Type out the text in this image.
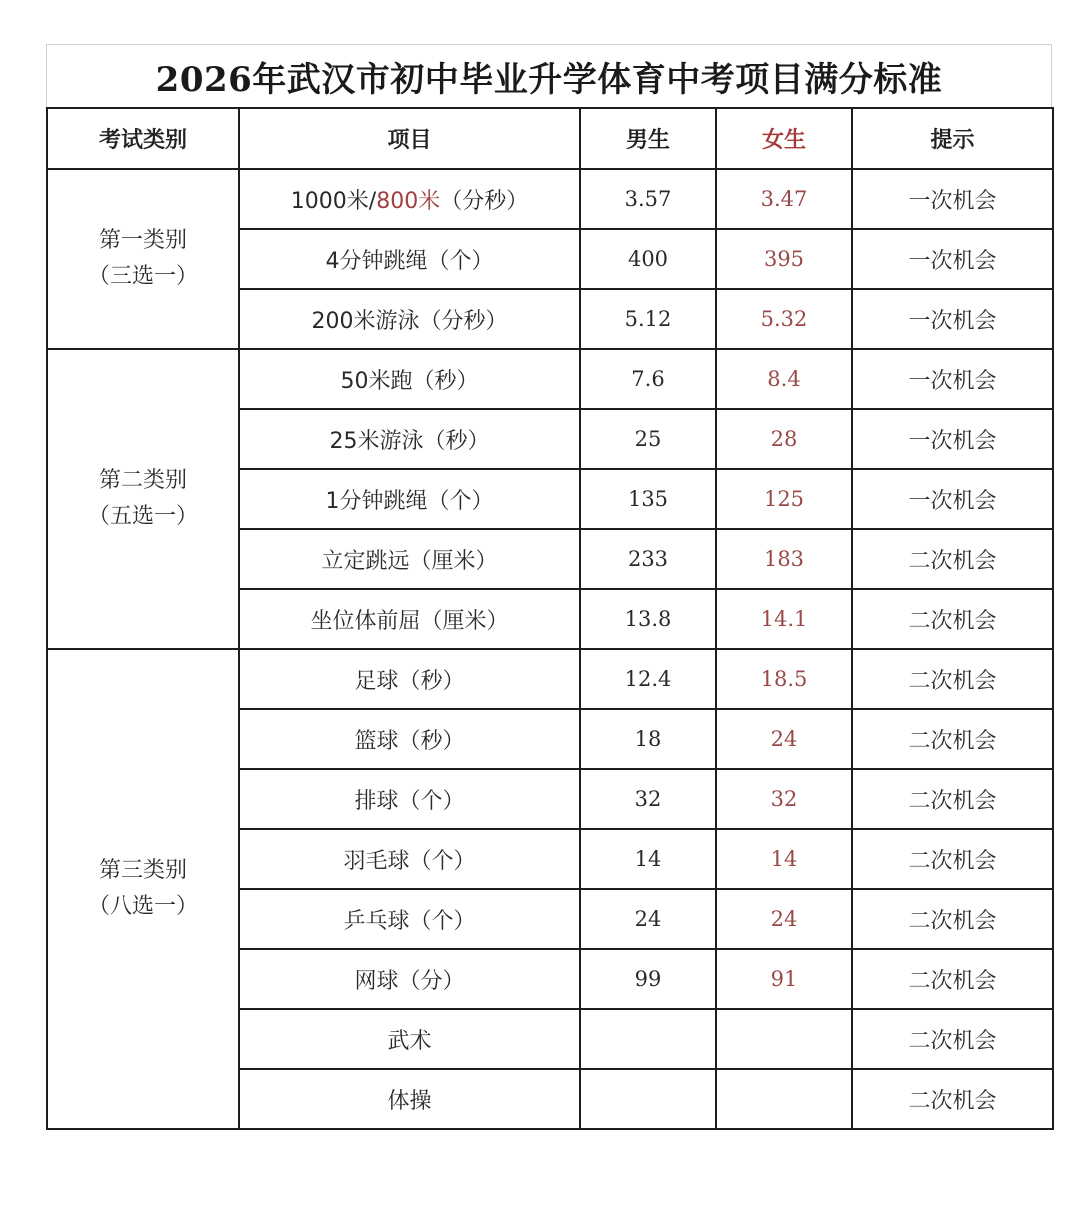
2026年武汉市初中毕业升学体育中考项目满分标准
考试类别	项目	男生	女生	提示

第一类别
（三选一）	1000米/800米（分秒）	3.57	3.47	一次机会
	4分钟跳绳（个）	400	395	一次机会
	200米游泳（分秒）	5.12	5.32	一次机会

第二类别
（五选一）	50米跑（秒）	7.6	8.4	一次机会
	25米游泳（秒）	25	28	一次机会
	1分钟跳绳（个）	135	125	一次机会
	立定跳远（厘米）	233	183	二次机会
	坐位体前屈（厘米）	13.8	14.1	二次机会

第三类别
（八选一）	足球（秒）	12.4	18.5	二次机会
	篮球（秒）	18	24	二次机会
	排球（个）	32	32	二次机会
	羽毛球（个）	14	14	二次机会
	乒乓球（个）	24	24	二次机会
	网球（分）	99	91	二次机会
	武术			二次机会
	体操			二次机会
